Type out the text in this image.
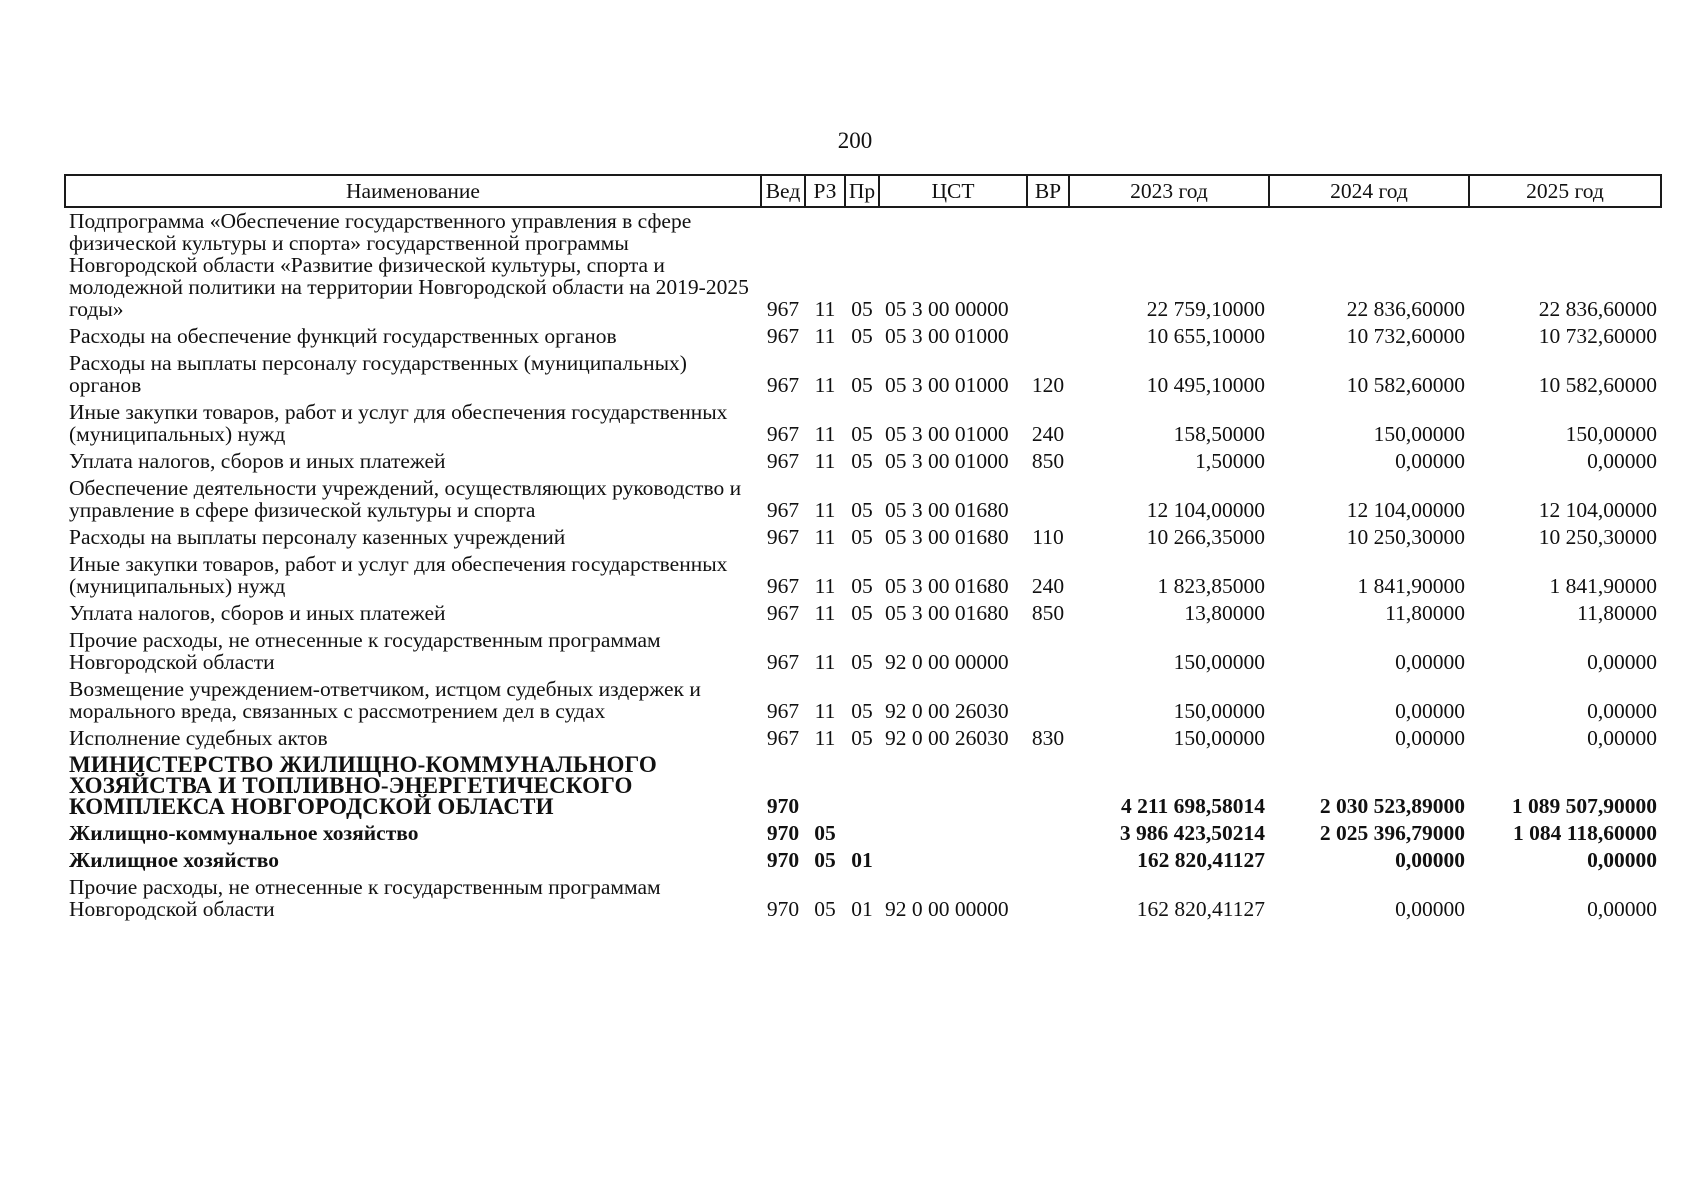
200
Наименование	Вед	РЗ	Пр	ЦСТ	ВР	2023 год	2024 год	2025 год
Подпрограмма «Обеспечение государственного управления в сфере физической культуры и спорта» государственной программы Новгородской области «Развитие физической культуры, спорта и молодежной политики на территории Новгородской области на 2019-2025 годы»	967	11	05	05 3 00 00000		22 759,10000	22 836,60000	22 836,60000
Расходы на обеспечение функций государственных органов	967	11	05	05 3 00 01000		10 655,10000	10 732,60000	10 732,60000
Расходы на выплаты персоналу государственных (муниципальных) органов	967	11	05	05 3 00 01000	120	10 495,10000	10 582,60000	10 582,60000
Иные закупки товаров, работ и услуг для обеспечения государственных (муниципальных) нужд	967	11	05	05 3 00 01000	240	158,50000	150,00000	150,00000
Уплата налогов, сборов и иных платежей	967	11	05	05 3 00 01000	850	1,50000	0,00000	0,00000
Обеспечение деятельности учреждений, осуществляющих руководство и управление в сфере физической культуры и спорта	967	11	05	05 3 00 01680		12 104,00000	12 104,00000	12 104,00000
Расходы на выплаты персоналу казенных учреждений	967	11	05	05 3 00 01680	110	10 266,35000	10 250,30000	10 250,30000
Иные закупки товаров, работ и услуг для обеспечения государственных (муниципальных) нужд	967	11	05	05 3 00 01680	240	1 823,85000	1 841,90000	1 841,90000
Уплата налогов, сборов и иных платежей	967	11	05	05 3 00 01680	850	13,80000	11,80000	11,80000
Прочие расходы, не отнесенные к государственным программам Новгородской области	967	11	05	92 0 00 00000		150,00000	0,00000	0,00000
Возмещение учреждением-ответчиком, истцом судебных издержек и морального вреда, связанных с рассмотрением дел в судах	967	11	05	92 0 00 26030		150,00000	0,00000	0,00000
Исполнение судебных актов	967	11	05	92 0 00 26030	830	150,00000	0,00000	0,00000
МИНИСТЕРСТВО ЖИЛИЩНО-КОММУНАЛЬНОГО ХОЗЯЙСТВА И ТОПЛИВНО-ЭНЕРГЕТИЧЕСКОГО КОМПЛЕКСА НОВГОРОДСКОЙ ОБЛАСТИ	970					4 211 698,58014	2 030 523,89000	1 089 507,90000
Жилищно-коммунальное хозяйство	970	05				3 986 423,50214	2 025 396,79000	1 084 118,60000
Жилищное хозяйство	970	05	01			162 820,41127	0,00000	0,00000
Прочие расходы, не отнесенные к государственным программам Новгородской области	970	05	01	92 0 00 00000		162 820,41127	0,00000	0,00000
